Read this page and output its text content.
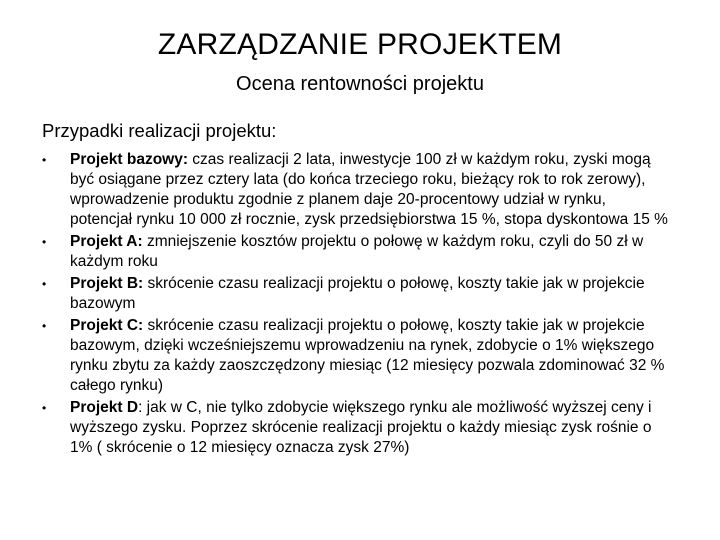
ZARZĄDZANIE PROJEKTEM
Ocena rentowności projektu
Przypadki realizacji projektu:
•	Projekt bazowy: czas realizacji 2 lata, inwestycje 100 zł w każdym roku, zyski mogą być osiągane przez cztery lata (do końca trzeciego roku, bieżący rok to rok zerowy), wprowadzenie produktu zgodnie z planem daje 20-procentowy udział w rynku, potencjał rynku 10 000 zł rocznie, zysk przedsiębiorstwa 15 %, stopa dyskontowa 15 %
•	Projekt A: zmniejszenie kosztów projektu o połowę w każdym roku, czyli do 50 zł w każdym roku
•	Projekt B: skrócenie czasu realizacji projektu o połowę, koszty takie jak w projekcie bazowym
•	Projekt C: skrócenie czasu realizacji projektu o połowę, koszty takie jak w projekcie bazowym, dzięki wcześniejszemu wprowadzeniu na rynek, zdobycie o 1% większego rynku zbytu za każdy zaoszczędzony miesiąc (12 miesięcy pozwala zdominować 32 % całego rynku)
•	Projekt D: jak w C, nie tylko zdobycie większego rynku ale możliwość wyższej ceny i wyższego zysku. Poprzez skrócenie realizacji projektu o każdy miesiąc zysk rośnie o 1% ( skrócenie o 12 miesięcy oznacza zysk 27%)
